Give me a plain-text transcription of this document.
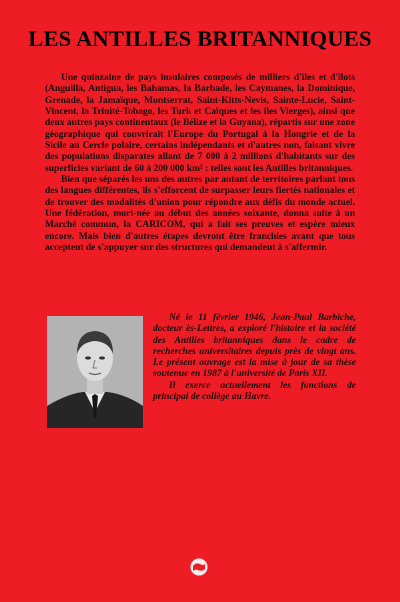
LES ANTILLES BRITANNIQUES

Une quinzaine de pays insulaires composés de milliers d'îles et d'îlots (Anguilla, Antigua, les Bahamas, la Barbade, les Caymanes, la Dominique, Grenade, la Jamaïque, Montserrat, Saint-Kitts-Nevis, Sainte-Lucie, Saint-Vincent, la Trinité-Tobago, les Turk et Caïques et les îles Vierges), ainsi que deux autres pays continentaux (le Bélize et la Guyana), répartis sur une zone géographique qui couvrirait l'Europe du Portugal à la Hongrie et de la Sicile au Cercle polaire, certains indépendants et d'autres non, faisant vivre des populations disparates allant de 7 000 à 2 millions d'habitants sur des superficies variant de 60 à 200 000 km² : telles sont les Antilles britanniques.

Bien que séparés les uns des autres par autant de territoires parlant tous des langues différentes, ils s'efforcent de surpasser leurs fiertés nationales et de trouver des modalités d'union pour répondre aux défis du monde actuel. Une fédération, mort-née au début des années soixante, donna suite à un Marché commun, la CARICOM, qui a fait ses preuves et espère mieux encore. Mais bien d'autres étapes devront être franchies avant que tous acceptent de s'appuyer sur des structures qui demandent à s'affermir.

Né le 11 février 1946, Jean-Paul Barbiche, docteur ès-Lettres, a exploré l'histoire et la société des Antilles britanniques dans le cadre de recherches universitaires depuis près de vingt ans. Le présent ouvrage est la mise à jour de sa thèse soutenue en 1987 à l'université de Paris XII.

Il exerce actuellement les fonctions de principal de collège au Havre.
